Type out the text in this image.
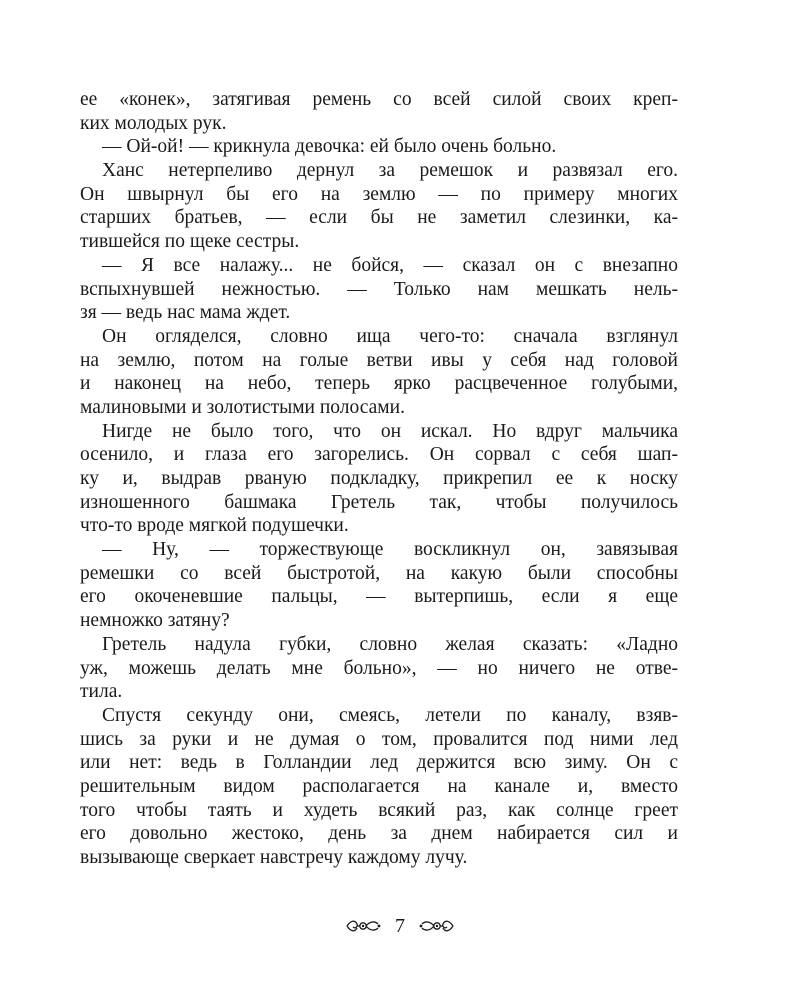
ее «конек», затягивая ремень со всей силой своих креп-
ких молодых рук.
— Ой-ой! — крикнула девочка: ей было очень больно.
Ханс нетерпеливо дернул за ремешок и развязал его.
Он швырнул бы его на землю — по примеру многих
старших братьев, — если бы не заметил слезинки, ка-
тившейся по щеке сестры.
— Я все налажу... не бойся, — сказал он с внезапно
вспыхнувшей нежностью. — Только нам мешкать нель-
зя — ведь нас мама ждет.
Он огляделся, словно ища чего-то: сначала взглянул
на землю, потом на голые ветви ивы у себя над головой
и наконец на небо, теперь ярко расцвеченное голубыми,
малиновыми и золотистыми полосами.
Нигде не было того, что он искал. Но вдруг мальчика
осенило, и глаза его загорелись. Он сорвал с себя шап-
ку и, выдрав рваную подкладку, прикрепил ее к носку
изношенного башмака Гретель так, чтобы получилось
что-то вроде мягкой подушечки.
— Ну, — торжествующе воскликнул он, завязывая
ремешки со всей быстротой, на какую были способны
его окоченевшие пальцы, — вытерпишь, если я еще
немножко затяну?
Гретель надула губки, словно желая сказать: «Ладно
уж, можешь делать мне больно», — но ничего не отве-
тила.
Спустя секунду они, смеясь, летели по каналу, взяв-
шись за руки и не думая о том, провалится под ними лед
или нет: ведь в Голландии лед держится всю зиму. Он с
решительным видом располагается на канале и, вместо
того чтобы таять и худеть всякий раз, как солнце греет
его довольно жестоко, день за днем набирается сил и
вызывающе сверкает навстречу каждому лучу.
7
